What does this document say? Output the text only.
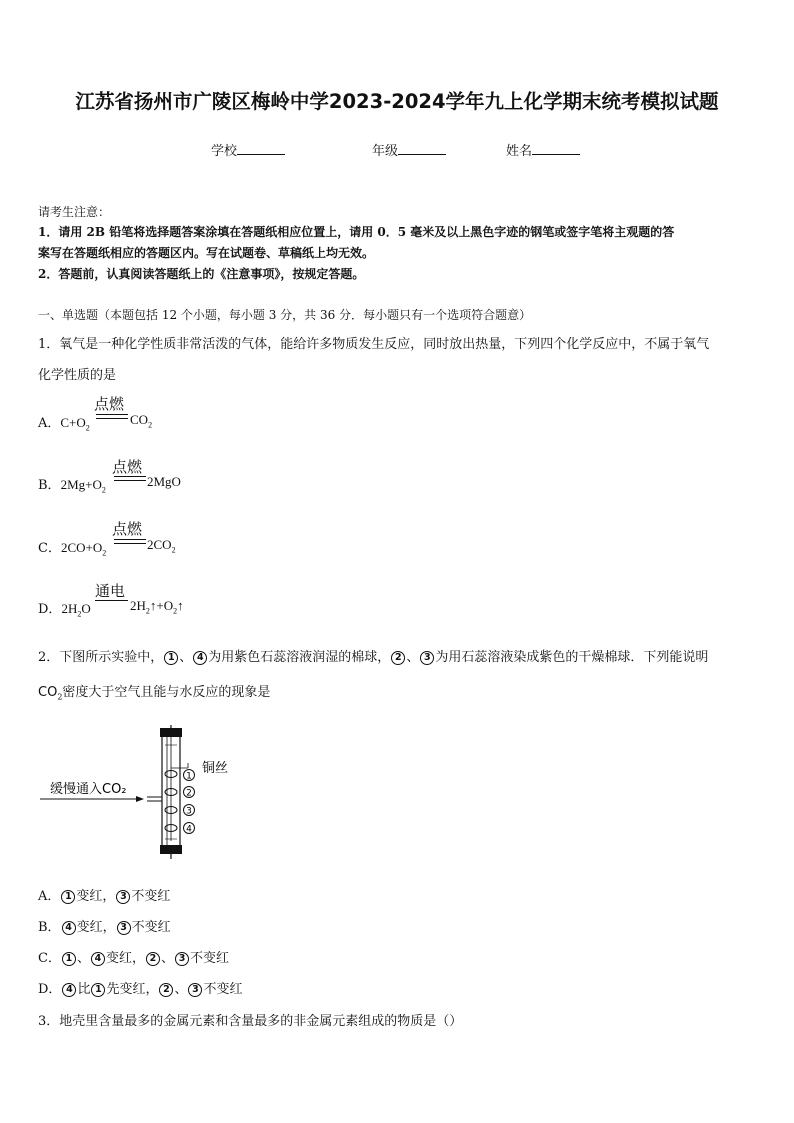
江苏省扬州市广陵区梅岭中学2023-2024学年九上化学期末统考模拟试题
学校	年级	姓名
请考生注意：
1．请用 2B 铅笔将选择题答案涂填在答题纸相应位置上，请用 0．5 毫米及以上黑色字迹的钢笔或签字笔将主观题的答
案写在答题纸相应的答题区内。写在试题卷、草稿纸上均无效。
2．答题前，认真阅读答题纸上的《注意事项》，按规定答题。
一、单选题（本题包括 12 个小题，每小题 3 分，共 36 分．每小题只有一个选项符合题意）
1．氧气是一种化学性质非常活泼的气体，能给许多物质发生反应，同时放出热量，下列四个化学反应中，不属于氧气
化学性质的是
A．$C+O_2$
点燃
$CO_2$
B．$2Mg+O_2$
点燃
2MgO
C．$2CO+O_2$
点燃
$2CO_2$
D．$2H_2O$
通电
$2H_2↑+O_2↑$
2．下图所示实验中， 1 、 4 为用紫色石蕊溶液润湿的棉球， 2 、 3 为用石蕊溶液染成紫色的干燥棉球．下列能说明
$CO_2$密度大于空气且能与水反应的现象是
缓慢通入CO₂
铜丝
1
2
3
4
A． 1 变红， 3 不变红
B． 4 变红， 3 不变红
C． 1 、 4 变红， 2 、 3 不变红
D． 4 比 1 先变红， 2 、 3 不变红
3．地壳里含量最多的金属元素和含量最多的非金属元素组成的物质是（）
